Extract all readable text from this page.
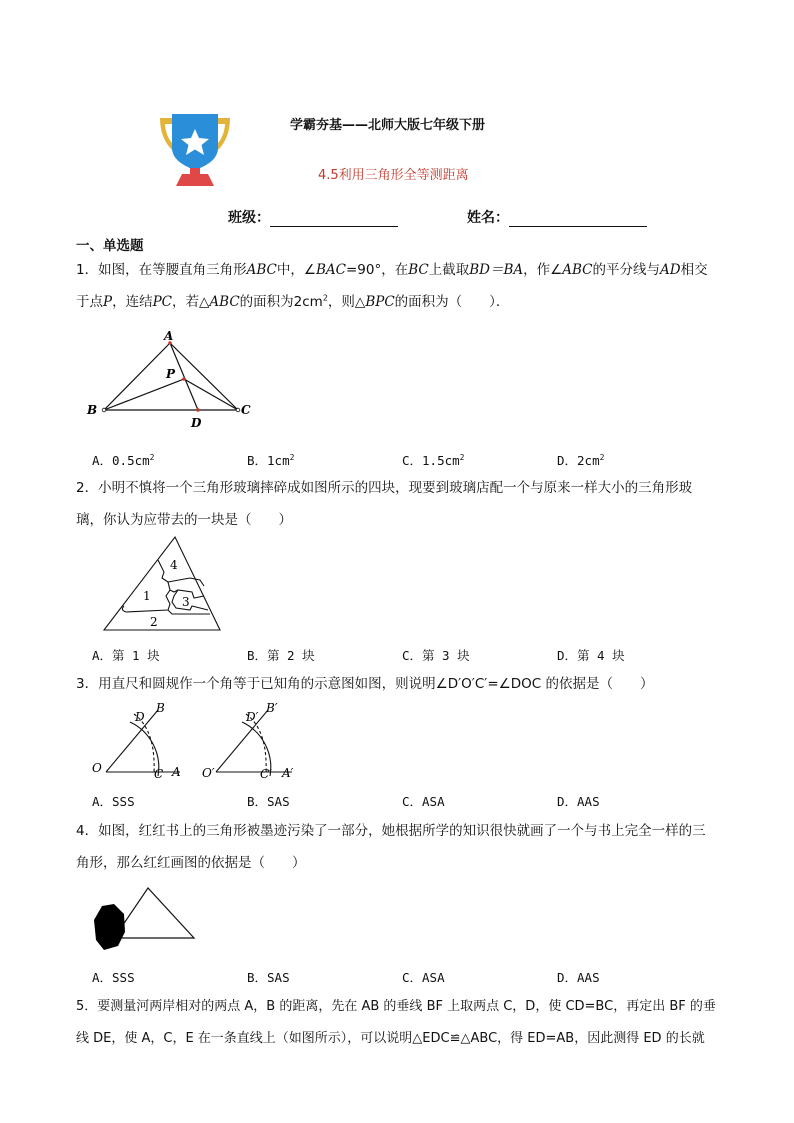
学霸夯基——北师大版七年级下册
4.5利用三角形全等测距离
班级：	姓名：
一、单选题
1．如图，在等腰直角三角形ABC中，∠BAC=90°，在BC上截取BD＝BA，作∠ABC的平分线与AD相交于点P，连结PC，若△ABC的面积为$2cm^2$，则△BPC的面积为（　　）．
A
P
B	C
D
A．$0.5cm^2$	B．$1cm^2$	C．$1.5cm^2$	D．$2cm^2$
2．小明不慎将一个三角形玻璃摔碎成如图所示的四块，现要到玻璃店配一个与原来一样大小的三角形玻璃，你认为应带去的一块是（　　）
4
1	3
2
A．第 1 块	B．第 2 块	C．第 3 块	D．第 4 块
3．用直尺和圆规作一个角等于已知角的示意图如图，则说明∠D′O′C′=∠DOC 的依据是（　　）
D
B
O	C A
D′
B′
O′	C′ A′
A．SSS	B．SAS	C．ASA	D．AAS
4．如图，红红书上的三角形被墨迹污染了一部分，她根据所学的知识很快就画了一个与书上完全一样的三角形，那么红红画图的依据是（　　）
A．SSS	B．SAS	C．ASA	D．AAS
5．要测量河两岸相对的两点 A，B 的距离，先在 AB 的垂线 BF 上取两点 C，D，使 CD=BC，再定出 BF 的垂线 DE，使 A，C，E 在一条直线上（如图所示），可以说明△EDC≌△ABC，得 ED=AB，因此测得 ED 的长就
